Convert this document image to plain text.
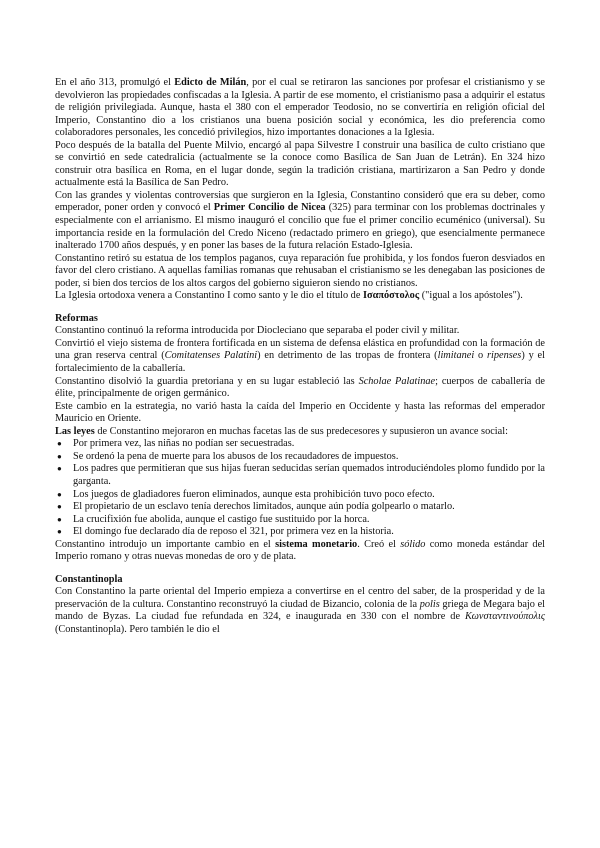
En el año 313, promulgó el Edicto de Milán, por el cual se retiraron las sanciones por profesar el cristianismo y se devolvieron las propiedades confiscadas a la Iglesia. A partir de ese momento, el cristianismo pasa a adquirir el estatus de religión privilegiada. Aunque, hasta el 380 con el emperador Teodosio, no se convertiría en religión oficial del Imperio, Constantino dio a los cristianos una buena posición social y económica, les dio preferencia como colaboradores personales, les concedió privilegios, hizo importantes donaciones a la Iglesia.

Poco después de la batalla del Puente Milvio, encargó al papa Silvestre I construir una basílica de culto cristiano que se convirtió en sede catedralicia (actualmente se la conoce como Basílica de San Juan de Letrán). En 324 hizo construir otra basílica en Roma, en el lugar donde, según la tradición cristiana, martirizaron a San Pedro y donde actualmente está la Basílica de San Pedro.

Con las grandes y violentas controversias que surgieron en la Iglesia, Constantino consideró que era su deber, como emperador, poner orden y convocó el Primer Concilio de Nicea (325) para terminar con los problemas doctrinales y especialmente con el arrianismo. El mismo inauguró el concilio que fue el primer concilio ecuménico (universal). Su importancia reside en la formulación del Credo Niceno (redactado primero en griego), que esencialmente permanece inalterado 1700 años después, y en poner las bases de la futura relación Estado-Iglesia.

Constantino retiró su estatua de los templos paganos, cuya reparación fue prohibida, y los fondos fueron desviados en favor del clero cristiano. A aquellas familias romanas que rehusaban el cristianismo se les denegaban las posiciones de poder, si bien dos tercios de los altos cargos del gobierno siguieron siendo no cristianos.

La Iglesia ortodoxa venera a Constantino I como santo y le dio el título de Ισαπόστολος ("igual a los apóstoles").

Reformas

Constantino continuó la reforma introducida por Diocleciano que separaba el poder civil y militar.

Convirtió el viejo sistema de frontera fortificada en un sistema de defensa elástica en profundidad con la formación de una gran reserva central (Comitatenses Palatini) en detrimento de las tropas de frontera (limitanei o ripenses) y el fortalecimiento de la caballería.

Constantino disolvió la guardia pretoriana y en su lugar estableció las Scholae Palatinae; cuerpos de caballería de élite, principalmente de origen germánico.

Este cambio en la estrategia, no varió hasta la caída del Imperio en Occidente y hasta las reformas del emperador Mauricio en Oriente.

Las leyes de Constantino mejoraron en muchas facetas las de sus predecesores y supusieron un avance social:

● Por primera vez, las niñas no podían ser secuestradas.
● Se ordenó la pena de muerte para los abusos de los recaudadores de impuestos.
● Los padres que permitieran que sus hijas fueran seducidas serían quemados introduciéndoles plomo fundido por la garganta.
● Los juegos de gladiadores fueron eliminados, aunque esta prohibición tuvo poco efecto.
● El propietario de un esclavo tenía derechos limitados, aunque aún podía golpearlo o matarlo.
● La crucifixión fue abolida, aunque el castigo fue sustituido por la horca.
● El domingo fue declarado día de reposo el 321, por primera vez en la historia.

Constantino introdujo un importante cambio en el sistema monetario. Creó el sólido como moneda estándar del Imperio romano y otras nuevas monedas de oro y de plata.

Constantinopla

Con Constantino la parte oriental del Imperio empieza a convertirse en el centro del saber, de la prosperidad y de la preservación de la cultura. Constantino reconstruyó la ciudad de Bizancio, colonia de la polis griega de Megara bajo el mando de Byzas. La ciudad fue refundada en 324, e inaugurada en 330 con el nombre de Κωνσταντινούπολις (Constantinopla). Pero también le dio el
